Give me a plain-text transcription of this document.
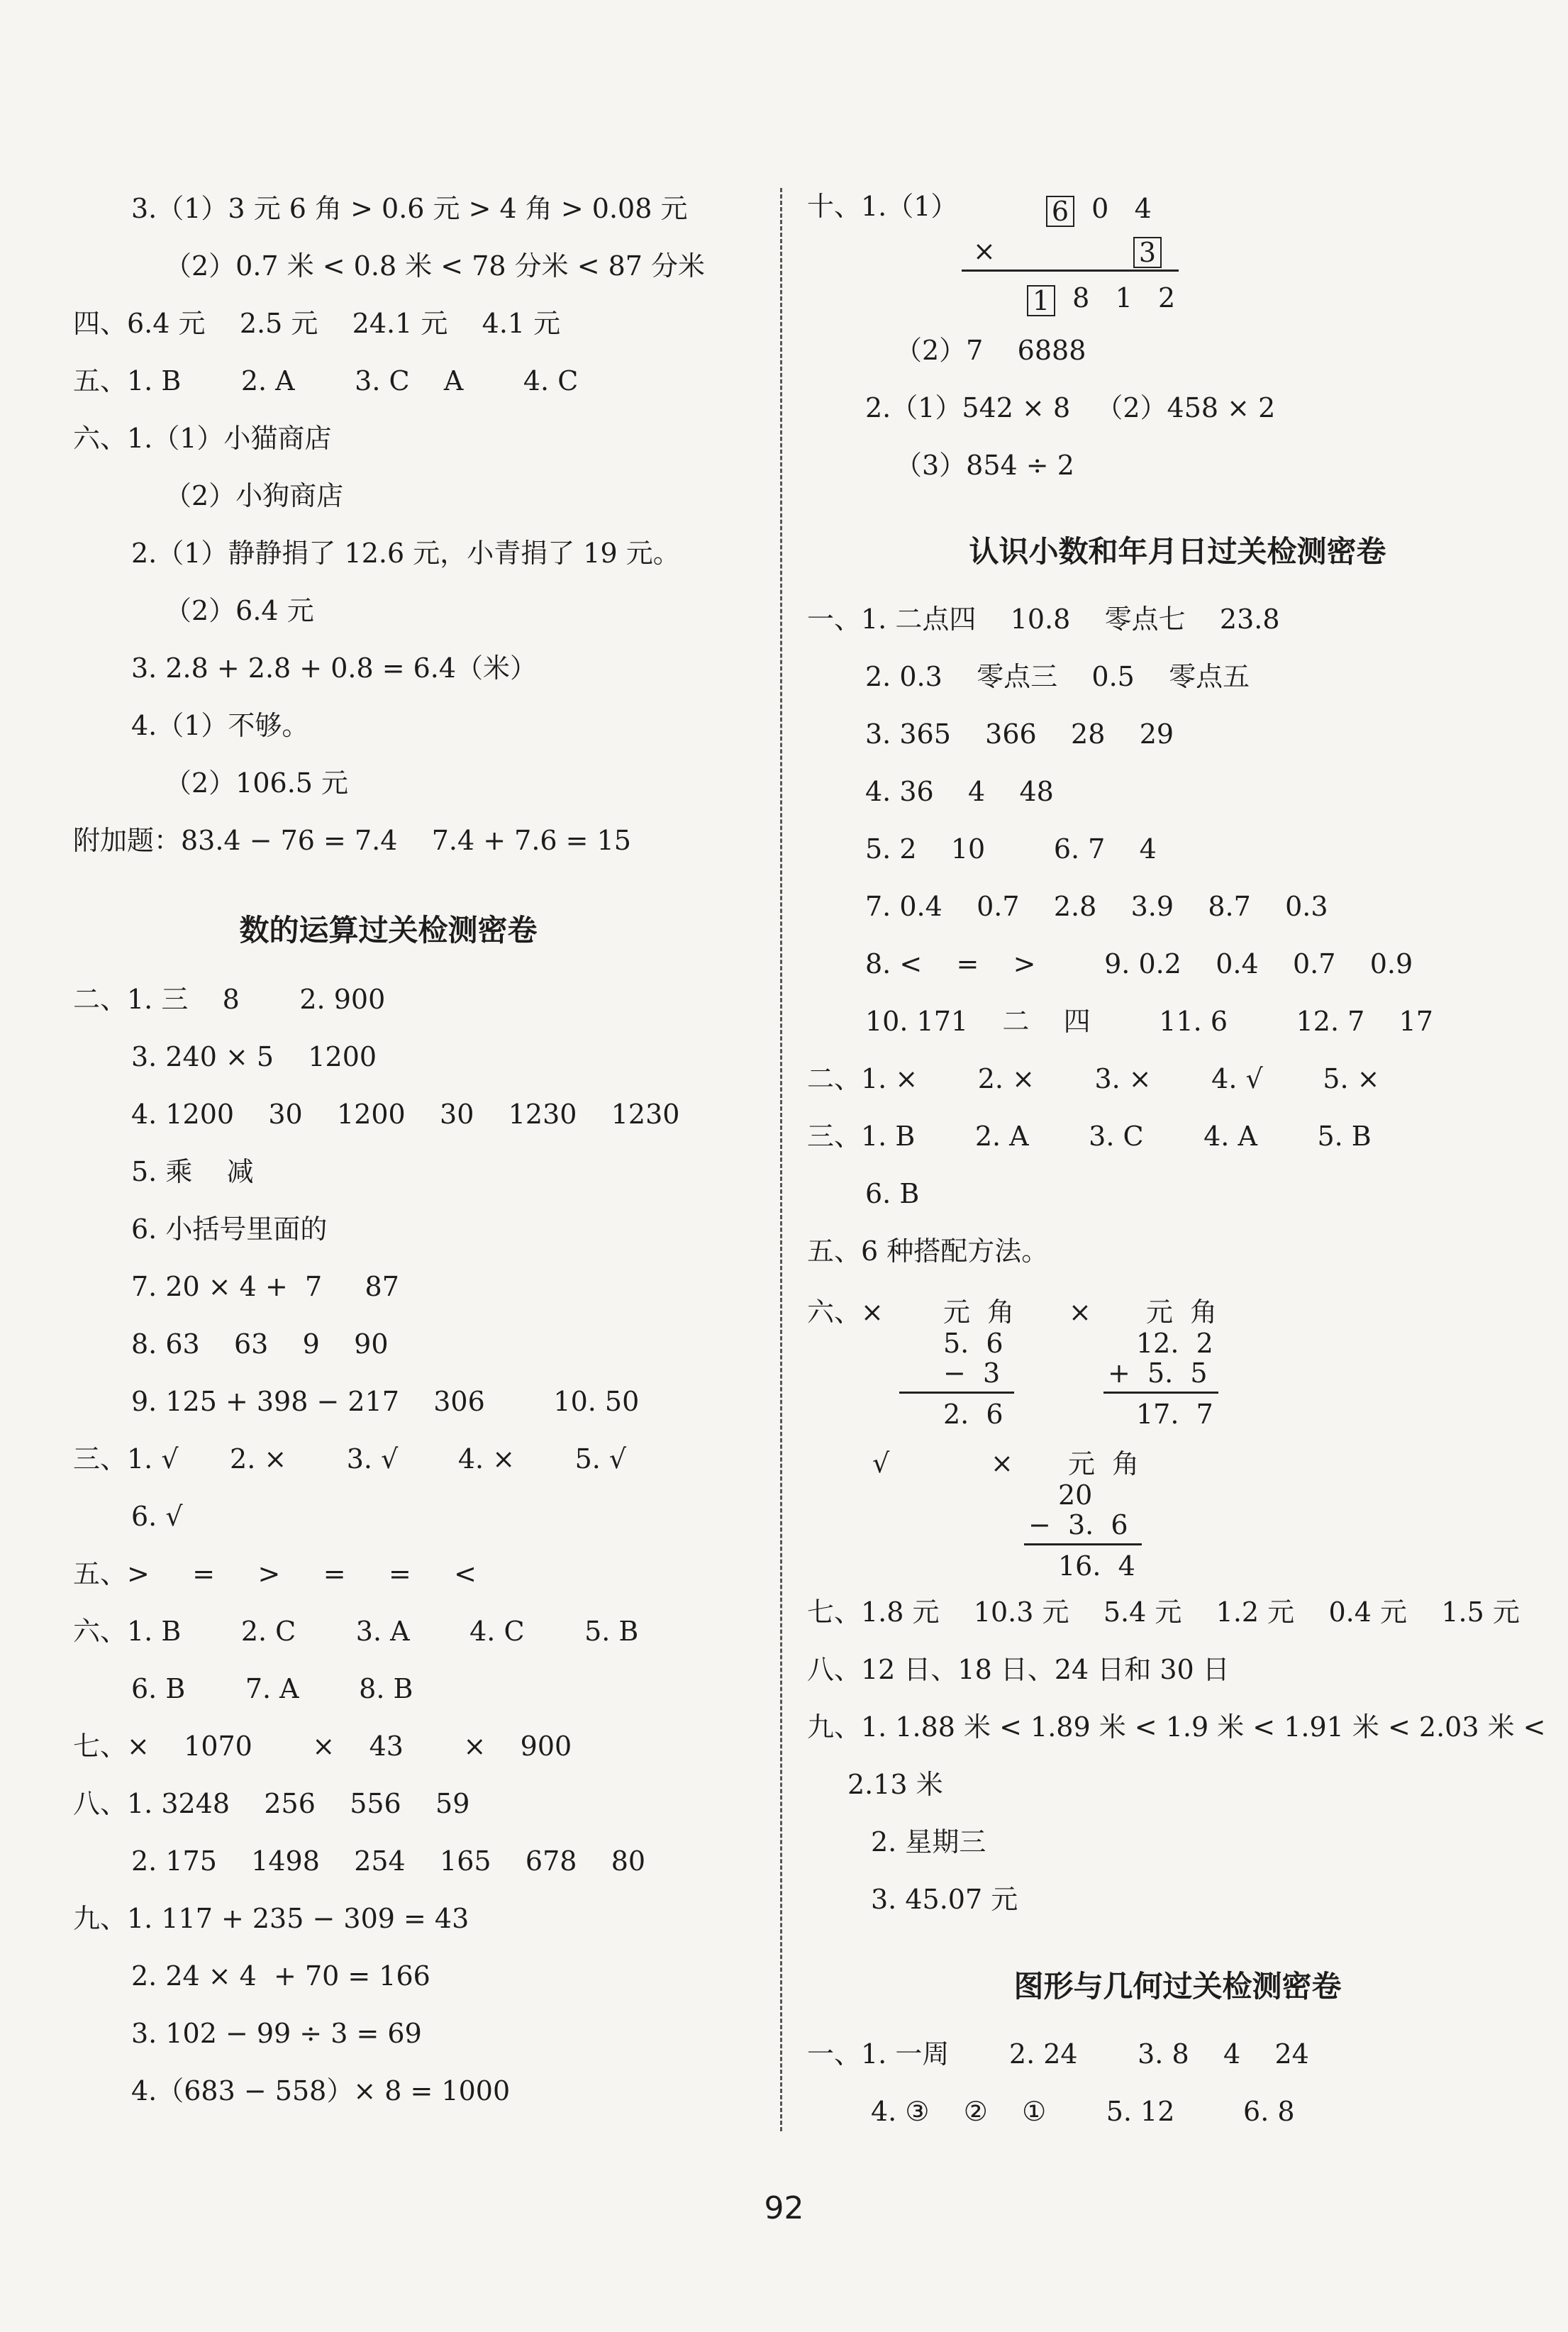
3.（1）3 元 6 角 > 0.6 元 > 4 角 > 0.08 元
（2）0.7 米 < 0.8 米 < 78 分米 < 87 分米
四、6.4 元    2.5 元    24.1 元    4.1 元
五、1. B       2. A       3. C    A       4. C
六、1.（1）小猫商店
（2）小狗商店
2.（1）静静捐了 12.6 元，小青捐了 19 元。
（2）6.4 元
3. 2.8 + 2.8 + 0.8 = 6.4（米）
4.（1）不够。
（2）106.5 元
附加题：83.4 − 76 = 7.4    7.4 + 7.6 = 15
数的运算过关检测密卷
二、1. 三    8       2. 900
3. 240 × 5    1200
4. 1200    30    1200    30    1230    1230
5. 乘    减
6. 小括号里面的
7. 20 × 4 +  7     87
8. 63    63    9    90
9. 125 + 398 − 217    306        10. 50
三、1. √      2. ×       3. √       4. ×       5. √
6. √
五、>     =     >     =     =     <
六、1. B       2. C       3. A       4. C       5. B
6. B       7. A       8. B
七、×    1070       ×    43       ×    900
八、1. 3248    256    556    59
2. 175    1498    254    165    678    80
九、1. 117 + 235 − 309 = 43
2. 24 × 4  + 70 = 166
3. 102 − 99 ÷ 3 = 69
4.（683 − 558）× 8 = 1000
十、1.（1）	6 0   4
×	3
1 8   1   2
（2）7    6888
2.（1）542 × 8   （2）458 × 2
（3）854 ÷ 2
认识小数和年月日过关检测密卷
一、1. 二点四    10.8    零点七    23.8
2. 0.3    零点三    0.5    零点五
3. 365    366    28    29
4. 36    4    48
5. 2    10        6. 7    4
7. 0.4    0.7    2.8    3.9    8.7    0.3
8. <    =    >        9. 0.2    0.4    0.7    0.9
10. 171    二    四        11. 6        12. 7    17
二、1. ×       2. ×       3. ×       4. √       5. ×
三、1. B       2. A       3. C       4. A       5. B
6. B
五、6 种搭配方法。
六、×	×
元  角
5.  6
−  3
2.  6
元  角
12.  2
+  5.  5
17.  7
√	× 元  角
20
−  3.  6
16.  4
七、1.8 元    10.3 元    5.4 元    1.2 元    0.4 元    1.5 元
八、12 日、18 日、24 日和 30 日
九、1. 1.88 米 < 1.89 米 < 1.9 米 < 1.91 米 < 2.03 米 <
2.13 米
2. 星期三
3. 45.07 元
图形与几何过关检测密卷
一、1. 一周       2. 24       3. 8    4    24
4. ③    ②    ①       5. 12        6. 8
92
